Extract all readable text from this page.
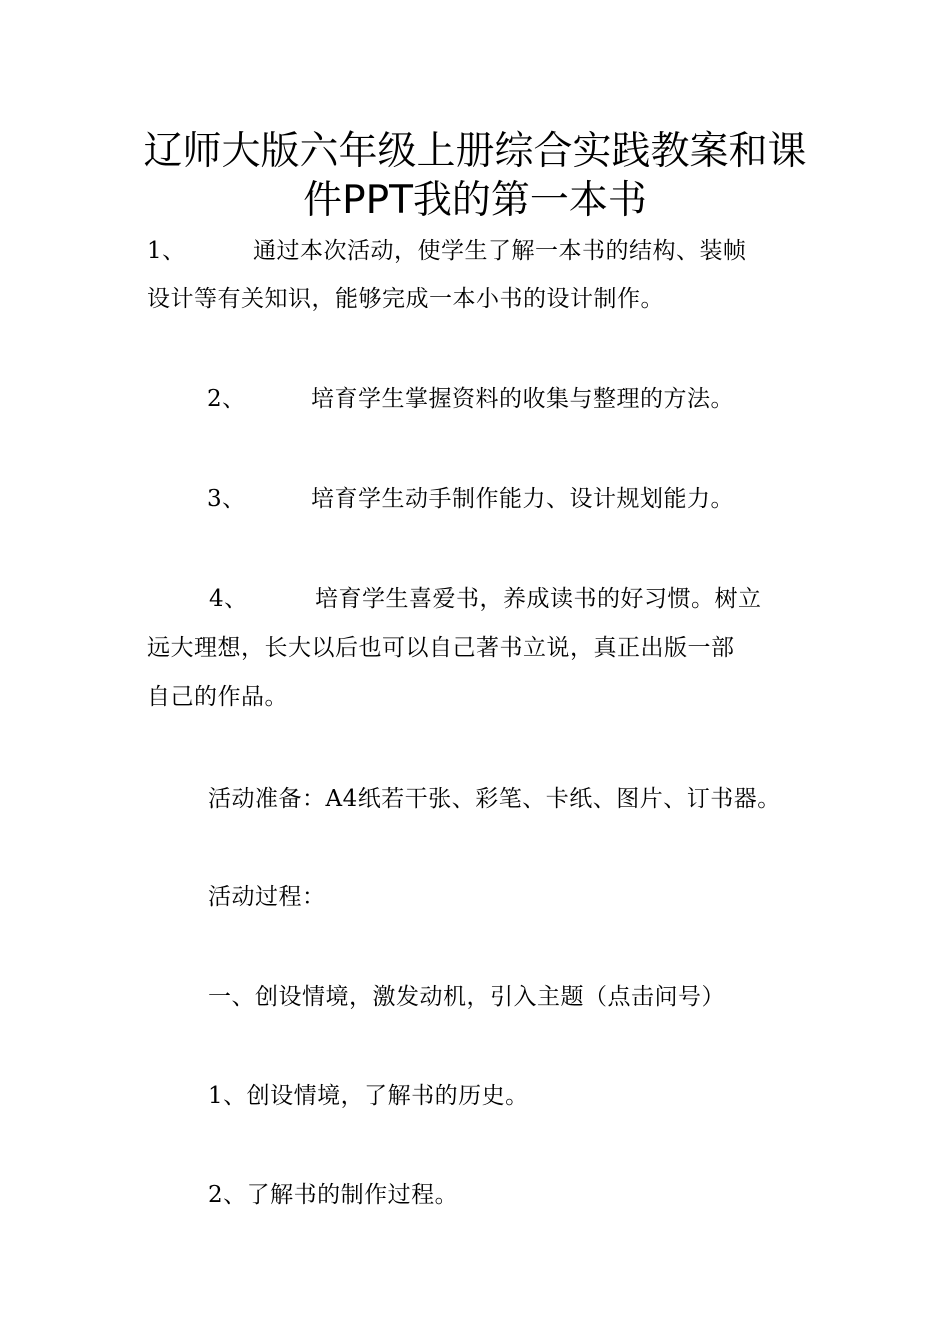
辽师大版六年级上册综合实践教案和课
件PPT我的第一本书
1、	通过本次活动，使学生了解一本书的结构、装帧
设计等有关知识，能够完成一本小书的设计制作。
2、	培育学生掌握资料的收集与整理的方法。
3、	培育学生动手制作能力、设计规划能力。
4、	培育学生喜爱书，养成读书的好习惯。树立
远大理想，长大以后也可以自己著书立说，真正出版一部
自己的作品。
活动准备：A4纸若干张、彩笔、卡纸、图片、订书器。
活动过程：
一、创设情境，激发动机，引入主题（点击问号）
1、创设情境，了解书的历史。
2、了解书的制作过程。
